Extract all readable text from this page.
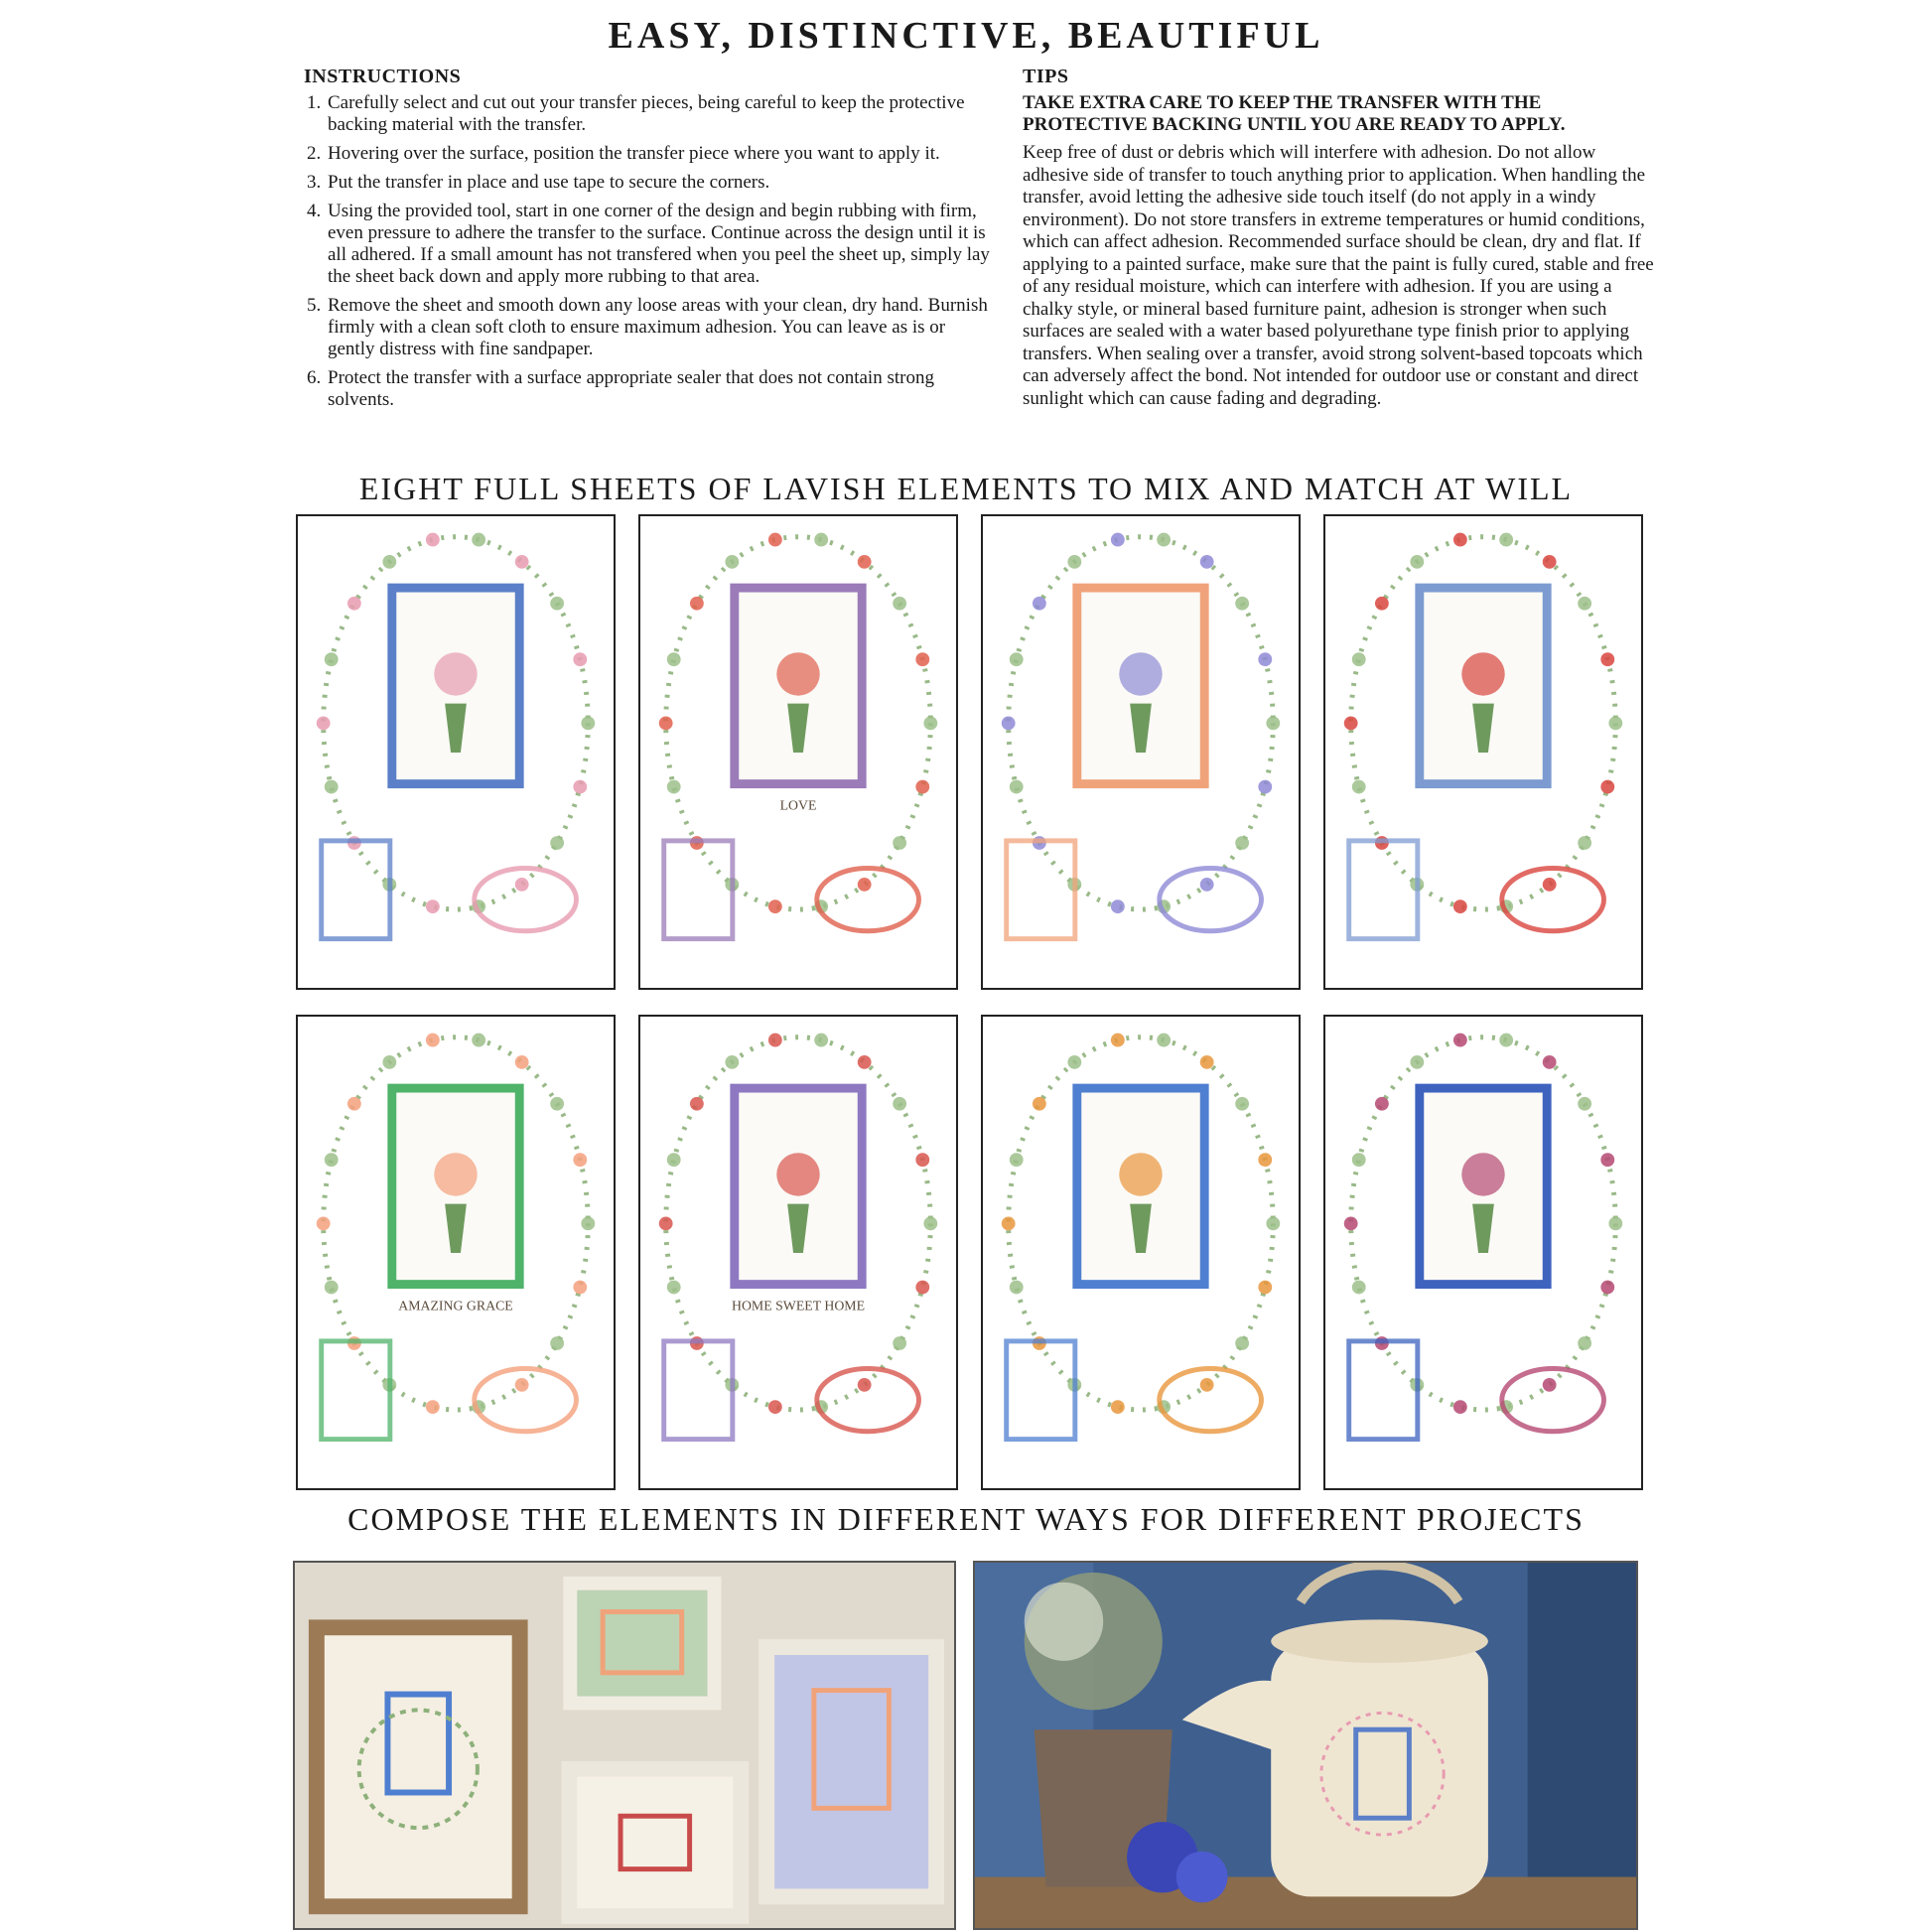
EASY, DISTINCTIVE, BEAUTIFUL
INSTRUCTIONS
1. Carefully select and cut out your transfer pieces, being careful to keep the protective backing material with the transfer.
2. Hovering over the surface, position the transfer piece where you want to apply it.
3. Put the transfer in place and use tape to secure the corners.
4. Using the provided tool, start in one corner of the design and begin rubbing with firm, even pressure to adhere the transfer to the surface. Continue across the design until it is all adhered. If a small amount has not transfered when you peel the sheet up, simply lay the sheet back down and apply more rubbing to that area.
5. Remove the sheet and smooth down any loose areas with your clean, dry hand. Burnish firmly with a clean soft cloth to ensure maximum adhesion. You can leave as is or gently distress with fine sandpaper.
6. Protect the transfer with a surface appropriate sealer that does not contain strong solvents.
TIPS

TAKE EXTRA CARE TO KEEP THE TRANSFER WITH THE PROTECTIVE BACKING UNTIL YOU ARE READY TO APPLY.

Keep free of dust or debris which will interfere with adhesion. Do not allow adhesive side of transfer to touch anything prior to application. When handling the transfer, avoid letting the adhesive side touch itself (do not apply in a windy environment). Do not store transfers in extreme temperatures or humid conditions, which can affect adhesion. Recommended surface should be clean, dry and flat. If applying to a painted surface, make sure that the paint is fully cured, stable and free of any residual moisture, which can interfere with adhesion. If you are using a chalky style, or mineral based furniture paint, adhesion is stronger when such surfaces are sealed with a water based polyurethane type finish prior to applying transfers. When sealing over a transfer, avoid strong solvent-based topcoats which can adversely affect the bond. Not intended for outdoor use or constant and direct sunlight which can cause fading and degrading.

EIGHT FULL SHEETS OF LAVISH ELEMENTS TO MIX AND MATCH AT WILL
LOVE
AMAZING GRACE	HOME SWEET HOME
COMPOSE THE ELEMENTS IN DIFFERENT WAYS FOR DIFFERENT PROJECTS
